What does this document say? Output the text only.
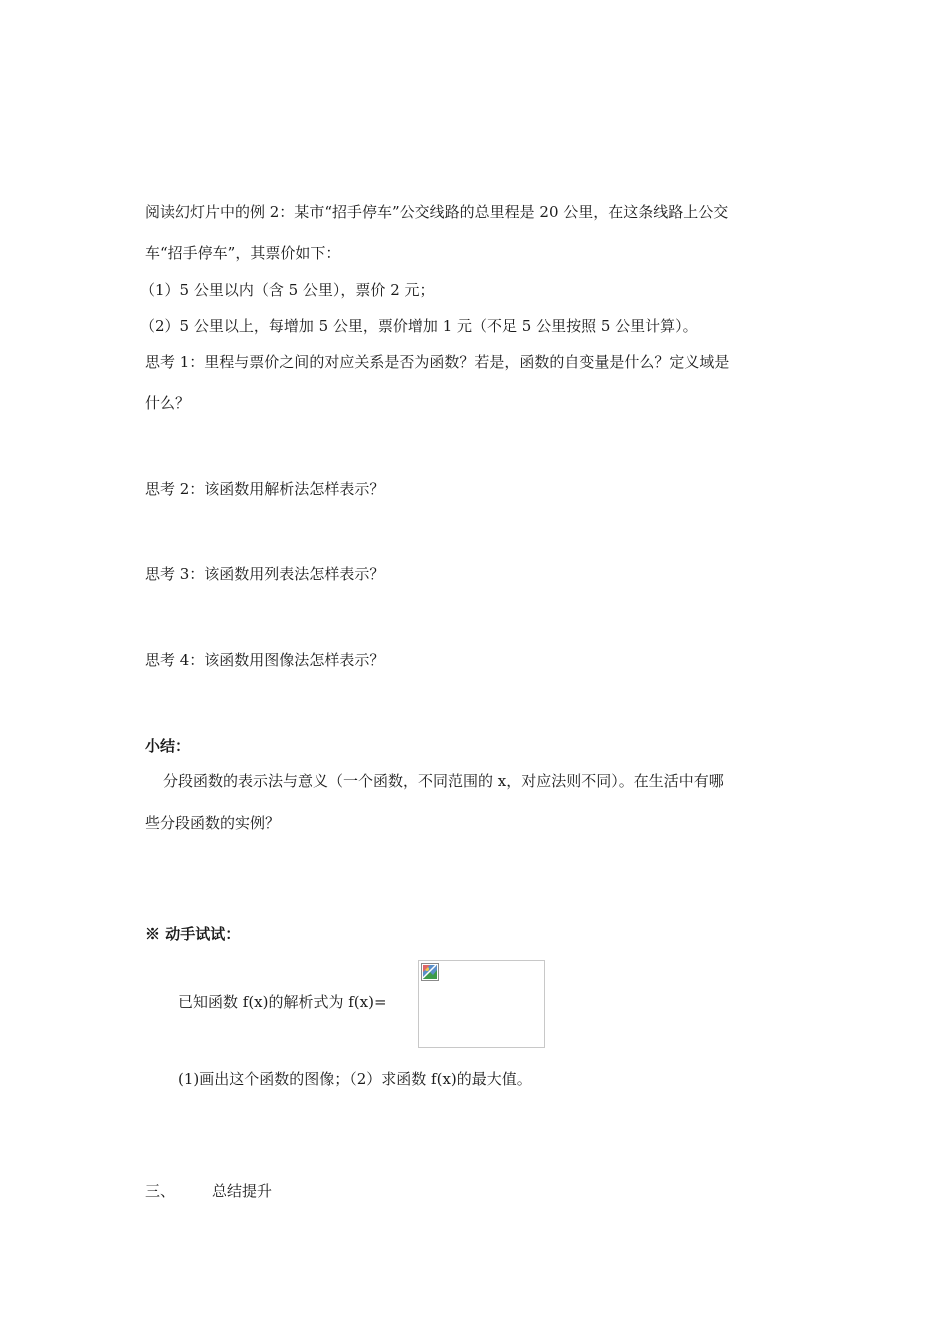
阅读幻灯片中的例 2：某市“招手停车”公交线路的总里程是 20 公里，在这条线路上公交
车“招手停车”，其票价如下：
（1）5 公里以内（含 5 公里），票价 2 元；
（2）5 公里以上，每增加 5 公里，票价增加 1 元（不足 5 公里按照 5 公里计算）。
思考 1：里程与票价之间的对应关系是否为函数？若是，函数的自变量是什么？定义域是
什么？
思考 2：该函数用解析法怎样表示？
思考 3：该函数用列表法怎样表示？
思考 4：该函数用图像法怎样表示？
小结：
分段函数的表示法与意义（一个函数，不同范围的 x，对应法则不同）。在生活中有哪
些分段函数的实例？
※ 动手试试：
已知函数 f(x)的解析式为 f(x)=
(1)画出这个函数的图像；（2）求函数 f(x)的最大值。
三、 总结提升
